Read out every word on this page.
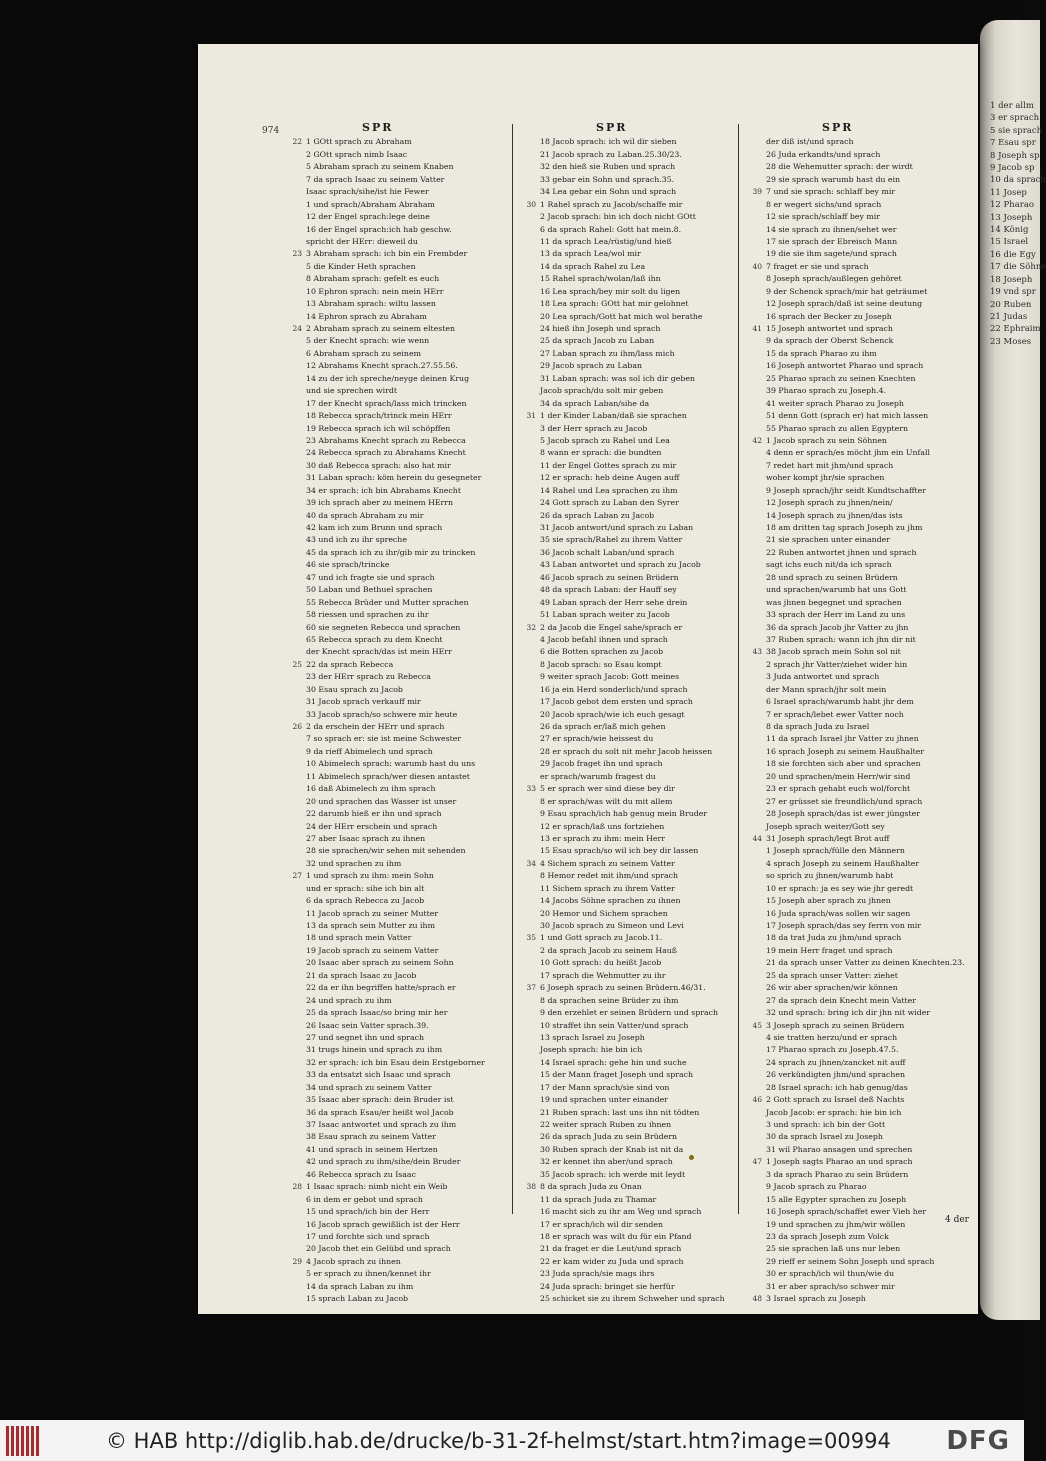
1 der allm
3 er sprach
5 sie sprach
7 Esau spr
8 Joseph sp
9 Jacob sp
10 da sprach
11 Josep
12 Pharao
13 Joseph
14 König
15 Israel
16 die Egy
17 die Söhne
18 Joseph
19 vnd spr
20 Ruben
21 Judas
22 Ephraim
23 Moses
974	SPR
22 1 GOtt sprach zu Abraham
2 GOtt sprach nimb Isaac
5 Abraham sprach zu seinem Knaben
7 da sprach Isaac zu seinem Vatter
Isaac sprach/sihe/ist hie Fewer
1 und sprach/Abraham Abraham
12 der Engel sprach:lege deine
16 der Engel sprach:ich hab geschw.
spricht der HErr: dieweil du
23 3 Abraham sprach: ich bin ein Frembder
5 die Kinder Heth sprachen
8 Abraham sprach: gefelt es euch
10 Ephron sprach: nein mein HErr
13 Abraham sprach: wiltu lassen
14 Ephron sprach zu Abraham
24 2 Abraham sprach zu seinem eltesten
5 der Knecht sprach: wie wenn
6 Abraham sprach zu seinem
12 Abrahams Knecht sprach.27.55.56.
14 zu der ich spreche/neyge deinen Krug
und sie sprechen wirdt
17 der Knecht sprach/lass mich trincken
18 Rebecca sprach/trinck mein HErr
19 Rebecca sprach ich wil schöpffen
23 Abrahams Knecht sprach zu Rebecca
24 Rebecca sprach zu Abrahams Knecht
30 daß Rebecca sprach: also hat mir
31 Laban sprach: köm herein du gesegneter
34 er sprach: ich bin Abrahams Knecht
39 ich sprach aber zu meinem HErrn
40 da sprach Abraham zu mir
42 kam ich zum Brunn und sprach
43 und ich zu ihr spreche
45 da sprach ich zu ihr/gib mir zu trincken
46 sie sprach/trincke
47 und ich fragte sie und sprach
50 Laban und Bethuel sprachen
55 Rebecca Brüder und Mutter sprachen
58 riessen und sprachen zu ihr
60 sie segneten Rebecca und sprachen
65 Rebecca sprach zu dem Knecht
der Knecht sprach/das ist mein HErr
25 22 da sprach Rebecca
23 der HErr sprach zu Rebecca
30 Esau sprach zu Jacob
31 Jacob sprach verkauff mir
33 Jacob sprach/so schwere mir heute
26 2 da erschein der HErr und sprach
7 so sprach er: sie ist meine Schwester
9 da rieff Abimelech und sprach
10 Abimelech sprach: warumb hast du uns
11 Abimelech sprach/wer diesen antastet
16 daß Abimelech zu ihm sprach
20 und sprachen das Wasser ist unser
22 darumb hieß er ihn und sprach
24 der HErr erschein und sprach
27 aber Isaac sprach zu ihnen
28 sie sprachen/wir sehen mit sehenden
32 und sprachen zu ihm
27 1 und sprach zu ihm: mein Sohn
und er sprach: sihe ich bin alt
6 da sprach Rebecca zu Jacob
11 Jacob sprach zu seiner Mutter
13 da sprach sein Mutter zu ihm
18 und sprach mein Vatter
19 Jacob sprach zu seinem Vatter
20 Isaac aber sprach zu seinem Sohn
21 da sprach Isaac zu Jacob
22 da er ihn begriffen hatte/sprach er
24 und sprach zu ihm
25 da sprach Isaac/so bring mir her
26 Isaac sein Vatter sprach.39.
27 und segnet ihn und sprach
31 trugs hinein und sprach zu ihm
32 er sprach: ich bin Esau dein Erstgeborner
33 da entsatzt sich Isaac und sprach
34 und sprach zu seinem Vatter
35 Isaac aber sprach: dein Bruder ist
36 da sprach Esau/er heißt wol Jacob
37 Isaac antwortet und sprach zu ihm
38 Esau sprach zu seinem Vatter
41 und sprach in seinem Hertzen
42 und sprach zu ihm/sihe/dein Bruder
46 Rebecca sprach zu Isaac
28 1 Isaac sprach: nimb nicht ein Weib
6 in dem er gebot und sprach
15 und sprach/ich bin der Herr
16 Jacob sprach gewißlich ist der Herr
17 und forchte sich und sprach
20 Jacob thet ein Gelübd und sprach
29 4 Jacob sprach zu ihnen
5 er sprach zu ihnen/kennet ihr
14 da sprach Laban zu ihm
15 sprach Laban zu Jacob
SPR
18 Jacob sprach: ich wil dir sieben
21 Jacob sprach zu Laban.25.30/23.
32 den hieß sie Ruben und sprach
33 gebar ein Sohn und sprach.35.
34 Lea gebar ein Sohn und sprach
30 1 Rahel sprach zu Jacob/schaffe mir
2 Jacob sprach: bin ich doch nicht GOtt
6 da sprach Rahel: Gott hat mein.8.
11 da sprach Lea/rüstig/und hieß
13 da sprach Lea/wol mir
14 da sprach Rahel zu Lea
15 Rahel sprach/wolan/laß ihn
16 Lea sprach/bey mir solt du ligen
18 Lea sprach: GOtt hat mir gelohnet
20 Lea sprach/Gott hat mich wol berathe
24 hieß ihn Joseph und sprach
25 da sprach Jacob zu Laban
27 Laban sprach zu ihm/lass mich
29 Jacob sprach zu Laban
31 Laban sprach: was sol ich dir geben
Jacob sprach/du solt mir geben
34 da sprach Laban/sihe da
31 1 der Kinder Laban/daß sie sprachen
3 der Herr sprach zu Jacob
5 Jacob sprach zu Rahel und Lea
8 wann er sprach: die bundten
11 der Engel Gottes sprach zu mir
12 er sprach: heb deine Augen auff
14 Rahel und Lea sprachen zu ihm
24 Gott sprach zu Laban den Syrer
26 da sprach Laban zu Jacob
31 Jacob antwort/und sprach zu Laban
35 sie sprach/Rahel zu ihrem Vatter
36 Jacob schalt Laban/und sprach
43 Laban antwortet und sprach zu Jacob
46 Jacob sprach zu seinen Brüdern
48 da sprach Laban: der Hauff sey
49 Laban sprach der Herr sehe drein
51 Laban sprach weiter zu Jacob
32 2 da Jacob die Engel sahe/sprach er
4 Jacob befahl ihnen und sprach
6 die Botten sprachen zu Jacob
8 Jacob sprach: so Esau kompt
9 weiter sprach Jacob: Gott meines
16 ja ein Herd sonderlich/und sprach
17 Jacob gebot dem ersten und sprach
20 Jacob sprach/wie ich euch gesagt
26 da sprach er/laß mich gehen
27 er sprach/wie heissest du
28 er sprach du solt nit mehr Jacob heissen
29 Jacob fraget ihn und sprach
er sprach/warumb fragest du
33 5 er sprach wer sind diese bey dir
8 er sprach/was wilt du mit allem
9 Esau sprach/ich hab genug mein Bruder
12 er sprach/laß uns fortziehen
13 er sprach zu ihm: mein Herr
15 Esau sprach/so wil ich bey dir lassen
34 4 Sichem sprach zu seinem Vatter
8 Hemor redet mit ihm/und sprach
11 Sichem sprach zu ihrem Vatter
14 Jacobs Söhne sprachen zu ihnen
20 Hemor und Sichem sprachen
30 Jacob sprach zu Simeon und Levi
35 1 und Gott sprach zu Jacob.11.
2 da sprach Jacob zu seinem Hauß
10 Gott sprach: du heißt Jacob
17 sprach die Wehmutter zu ihr
37 6 Joseph sprach zu seinen Brüdern.46/31.
8 da sprachen seine Brüder zu ihm
9 den erzehlet er seinen Brüdern und sprach
10 straffet ihn sein Vatter/und sprach
13 sprach Israel zu Joseph
Joseph sprach: hie bin ich
14 Israel sprach: gehe hin und suche
15 der Mann fraget Joseph und sprach
17 der Mann sprach/sie sind von
19 und sprachen unter einander
21 Ruben sprach: last uns ihn nit tödten
22 weiter sprach Ruben zu ihnen
26 da sprach Juda zu sein Brüdern
30 Ruben sprach der Knab ist nit da
32 er kennet ihn aber/und sprach
35 Jacob sprach: ich werde mit leydt
38 8 da sprach Juda zu Onan
11 da sprach Juda zu Thamar
16 macht sich zu ihr am Weg und sprach
17 er sprach/ich wil dir senden
18 er sprach was wilt du für ein Pfand
21 da fraget er die Leut/und sprach
22 er kam wider zu Juda und sprach
23 Juda sprach/sie mags ihrs
24 Juda sprach: bringet sie herfür
25 schicket sie zu ihrem Schweher und sprach
SPR
der diß ist/und sprach
26 Juda erkandts/und sprach
28 die Wehemutter sprach: der wirdt
29 sie sprach warumb hast du ein
39 7 und sie sprach: schlaff bey mir
8 er wegert sichs/und sprach
12 sie sprach/schlaff bey mir
14 sie sprach zu ihnen/sehet wer
17 sie sprach der Ebreisch Mann
19 die sie ihm sagete/und sprach
40 7 fraget er sie und sprach
8 Joseph sprach/außlegen gehöret
9 der Schenck sprach/mir hat geträumet
12 Joseph sprach/daß ist seine deutung
16 sprach der Becker zu Joseph
41 15 Joseph antwortet und sprach
9 da sprach der Oberst Schenck
15 da sprach Pharao zu ihm
16 Joseph antwortet Pharao und sprach
25 Pharao sprach zu seinen Knechten
39 Pharao sprach zu Joseph.4.
41 weiter sprach Pharao zu Joseph
51 denn Gott (sprach er) hat mich lassen
55 Pharao sprach zu allen Egyptern
42 1 Jacob sprach zu sein Söhnen
4 denn er sprach/es möcht jhm ein Unfall
7 redet hart mit jhm/und sprach
woher kompt jhr/sie sprachen
9 Joseph sprach/jhr seidt Kundtschaffter
12 Joseph sprach zu jhnen/nein/
14 Joseph sprach zu jhnen/das ists
18 am dritten tag sprach Joseph zu jhm
21 sie sprachen unter einander
22 Ruben antwortet jhnen und sprach
sagt ichs euch nit/da ich sprach
28 und sprach zu seinen Brüdern
und sprachen/warumb hat uns Gott
was jhnen begegnet und sprachen
33 sprach der Herr im Land zu uns
36 da sprach Jacob jhr Vatter zu jhn
37 Ruben sprach: wann ich jhn dir nit
43 38 Jacob sprach mein Sohn sol nit
2 sprach jhr Vatter/ziehet wider hin
3 Juda antwortet und sprach
der Mann sprach/jhr solt mein
6 Israel sprach/warumb habt jhr dem
7 er sprach/lebet ewer Vatter noch
8 da sprach Juda zu Israel
11 da sprach Israel jhr Vatter zu jhnen
16 sprach Joseph zu seinem Haußhalter
18 sie forchten sich aber und sprachen
20 und sprachen/mein Herr/wir sind
23 er sprach gehabt euch wol/forcht
27 er grüsset sie freundlich/und sprach
28 Joseph sprach/das ist ewer jüngster
Joseph sprach weiter/Gott sey
44 31 Joseph sprach/legt Brot auff
1 Joseph sprach/fülle den Männern
4 sprach Joseph zu seinem Haußhalter
so sprich zu jhnen/warumb habt
10 er sprach: ja es sey wie jhr geredt
15 Joseph aber sprach zu jhnen
16 Juda sprach/was sollen wir sagen
17 Joseph sprach/das sey ferrn von mir
18 da trat Juda zu jhm/und sprach
19 mein Herr fraget und sprach
21 da sprach unser Vatter zu deinen Knechten.23.
25 da sprach unser Vatter: ziehet
26 wir aber sprachen/wir können
27 da sprach dein Knecht mein Vatter
32 und sprach: bring ich dir jhn nit wider
45 3 Joseph sprach zu seinen Brüdern
4 sie tratten herzu/und er sprach
17 Pharao sprach zu Joseph.47.5.
24 sprach zu jhnen/zancket nit auff
26 verkündigten jhm/und sprachen
28 Israel sprach: ich hab genug/das
46 2 Gott sprach zu Israel deß Nachts
Jacob Jacob: er sprach: hie bin ich
3 und sprach: ich bin der Gott
30 da sprach Israel zu Joseph
31 wil Pharao ansagen und sprechen
47 1 Joseph sagts Pharao an und sprach
3 da sprach Pharao zu sein Brüdern
9 Jacob sprach zu Pharao
15 alle Egypter sprachen zu Joseph
16 Joseph sprach/schaffet ewer Vieh her
19 und sprachen zu jhm/wir wöllen
23 da sprach Joseph zum Volck
25 sie sprachen laß uns nur leben
29 rieff er seinem Sohn Joseph und sprach
30 er sprach/ich wil thun/wie du
31 er aber sprach/so schwer mir
48 3 Israel sprach zu Joseph
4 der
© HAB http://diglib.hab.de/drucke/b-31-2f-helmst/start.htm?image=00994 DFG
